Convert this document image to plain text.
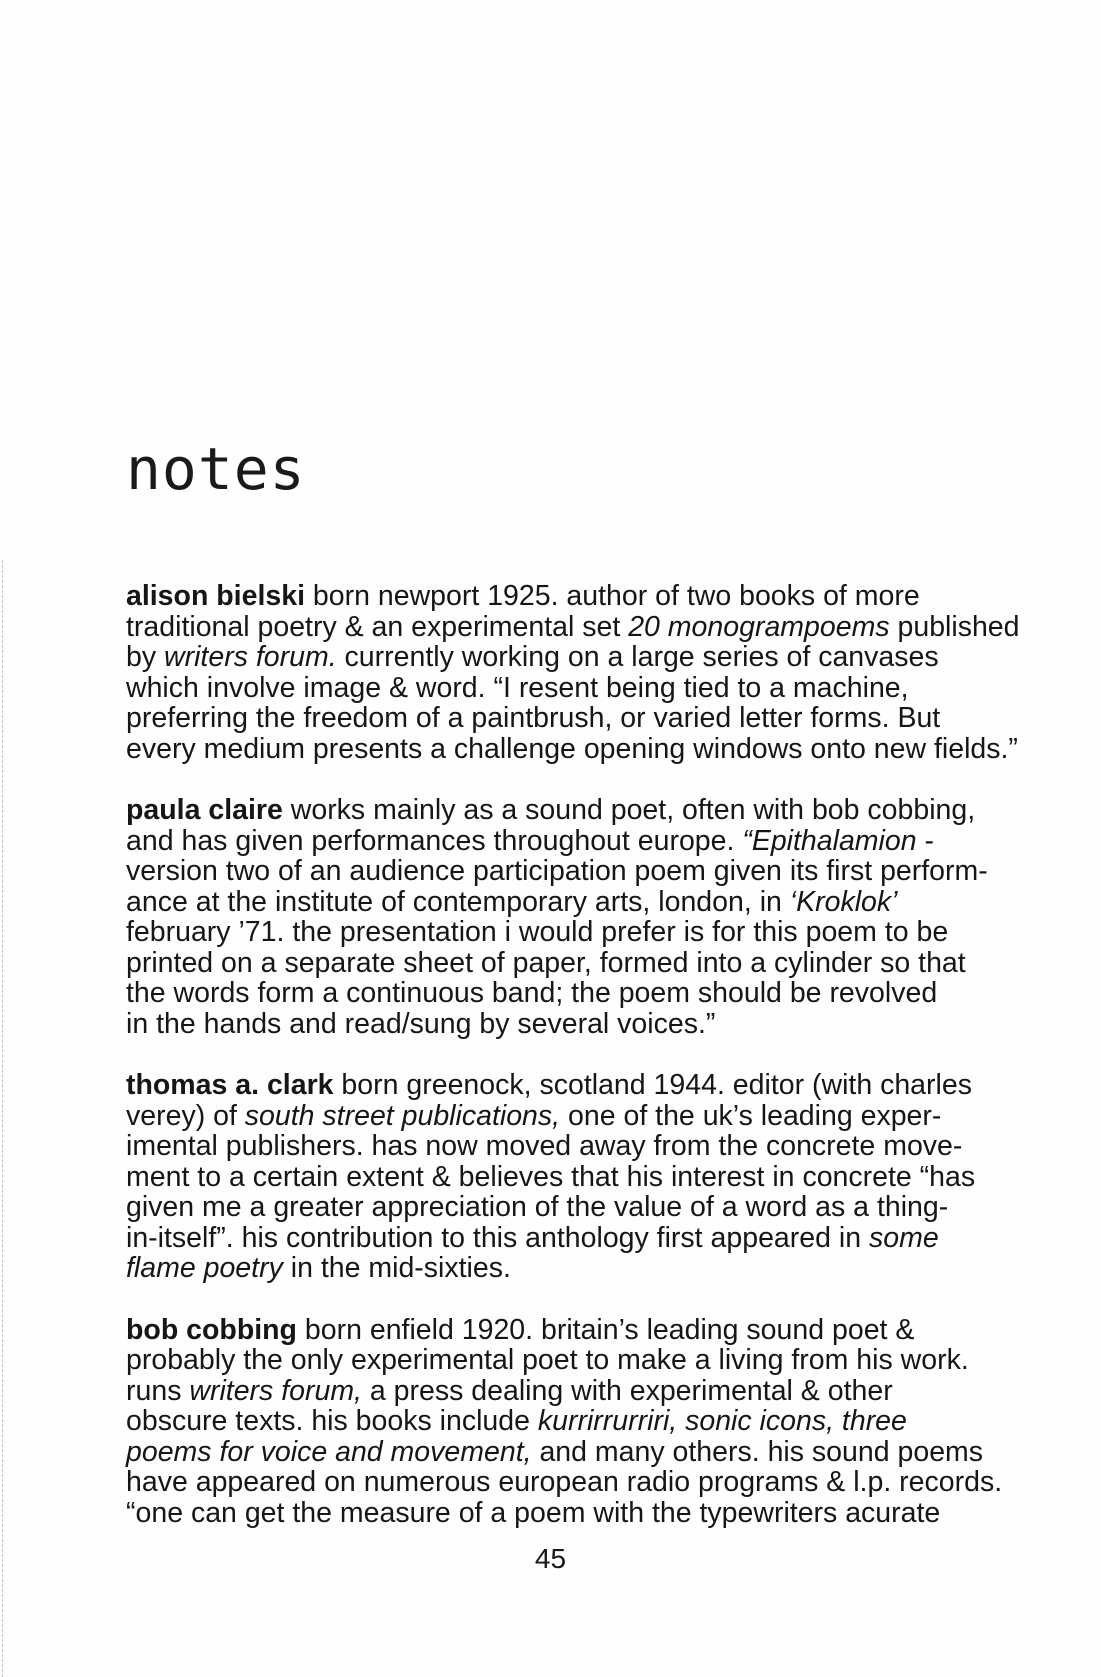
notes
alison bielski born newport 1925. author of two books of more
traditional poetry & an experimental set 20 monogrampoems published
by writers forum. currently working on a large series of canvases
which involve image & word. “I resent being tied to a machine,
preferring the freedom of a paintbrush, or varied letter forms. But
every medium presents a challenge opening windows onto new fields.”
paula claire works mainly as a sound poet, often with bob cobbing,
and has given performances throughout europe. “Epithalamion -
version two of an audience participation poem given its first perform-
ance at the institute of contemporary arts, london, in ‘Kroklok’
february ’71. the presentation i would prefer is for this poem to be
printed on a separate sheet of paper, formed into a cylinder so that
the words form a continuous band; the poem should be revolved
in the hands and read/sung by several voices.”
thomas a. clark born greenock, scotland 1944. editor (with charles
verey) of south street publications, one of the uk’s leading exper-
imental publishers. has now moved away from the concrete move-
ment to a certain extent & believes that his interest in concrete “has
given me a greater appreciation of the value of a word as a thing-
in-itself”. his contribution to this anthology first appeared in some
flame poetry in the mid-sixties.
bob cobbing born enfield 1920. britain’s leading sound poet &
probably the only experimental poet to make a living from his work.
runs writers forum, a press dealing with experimental & other
obscure texts. his books include kurrirrurriri, sonic icons, three
poems for voice and movement, and many others. his sound poems
have appeared on numerous european radio programs & l.p. records.
“one can get the measure of a poem with the typewriters acurate
45
